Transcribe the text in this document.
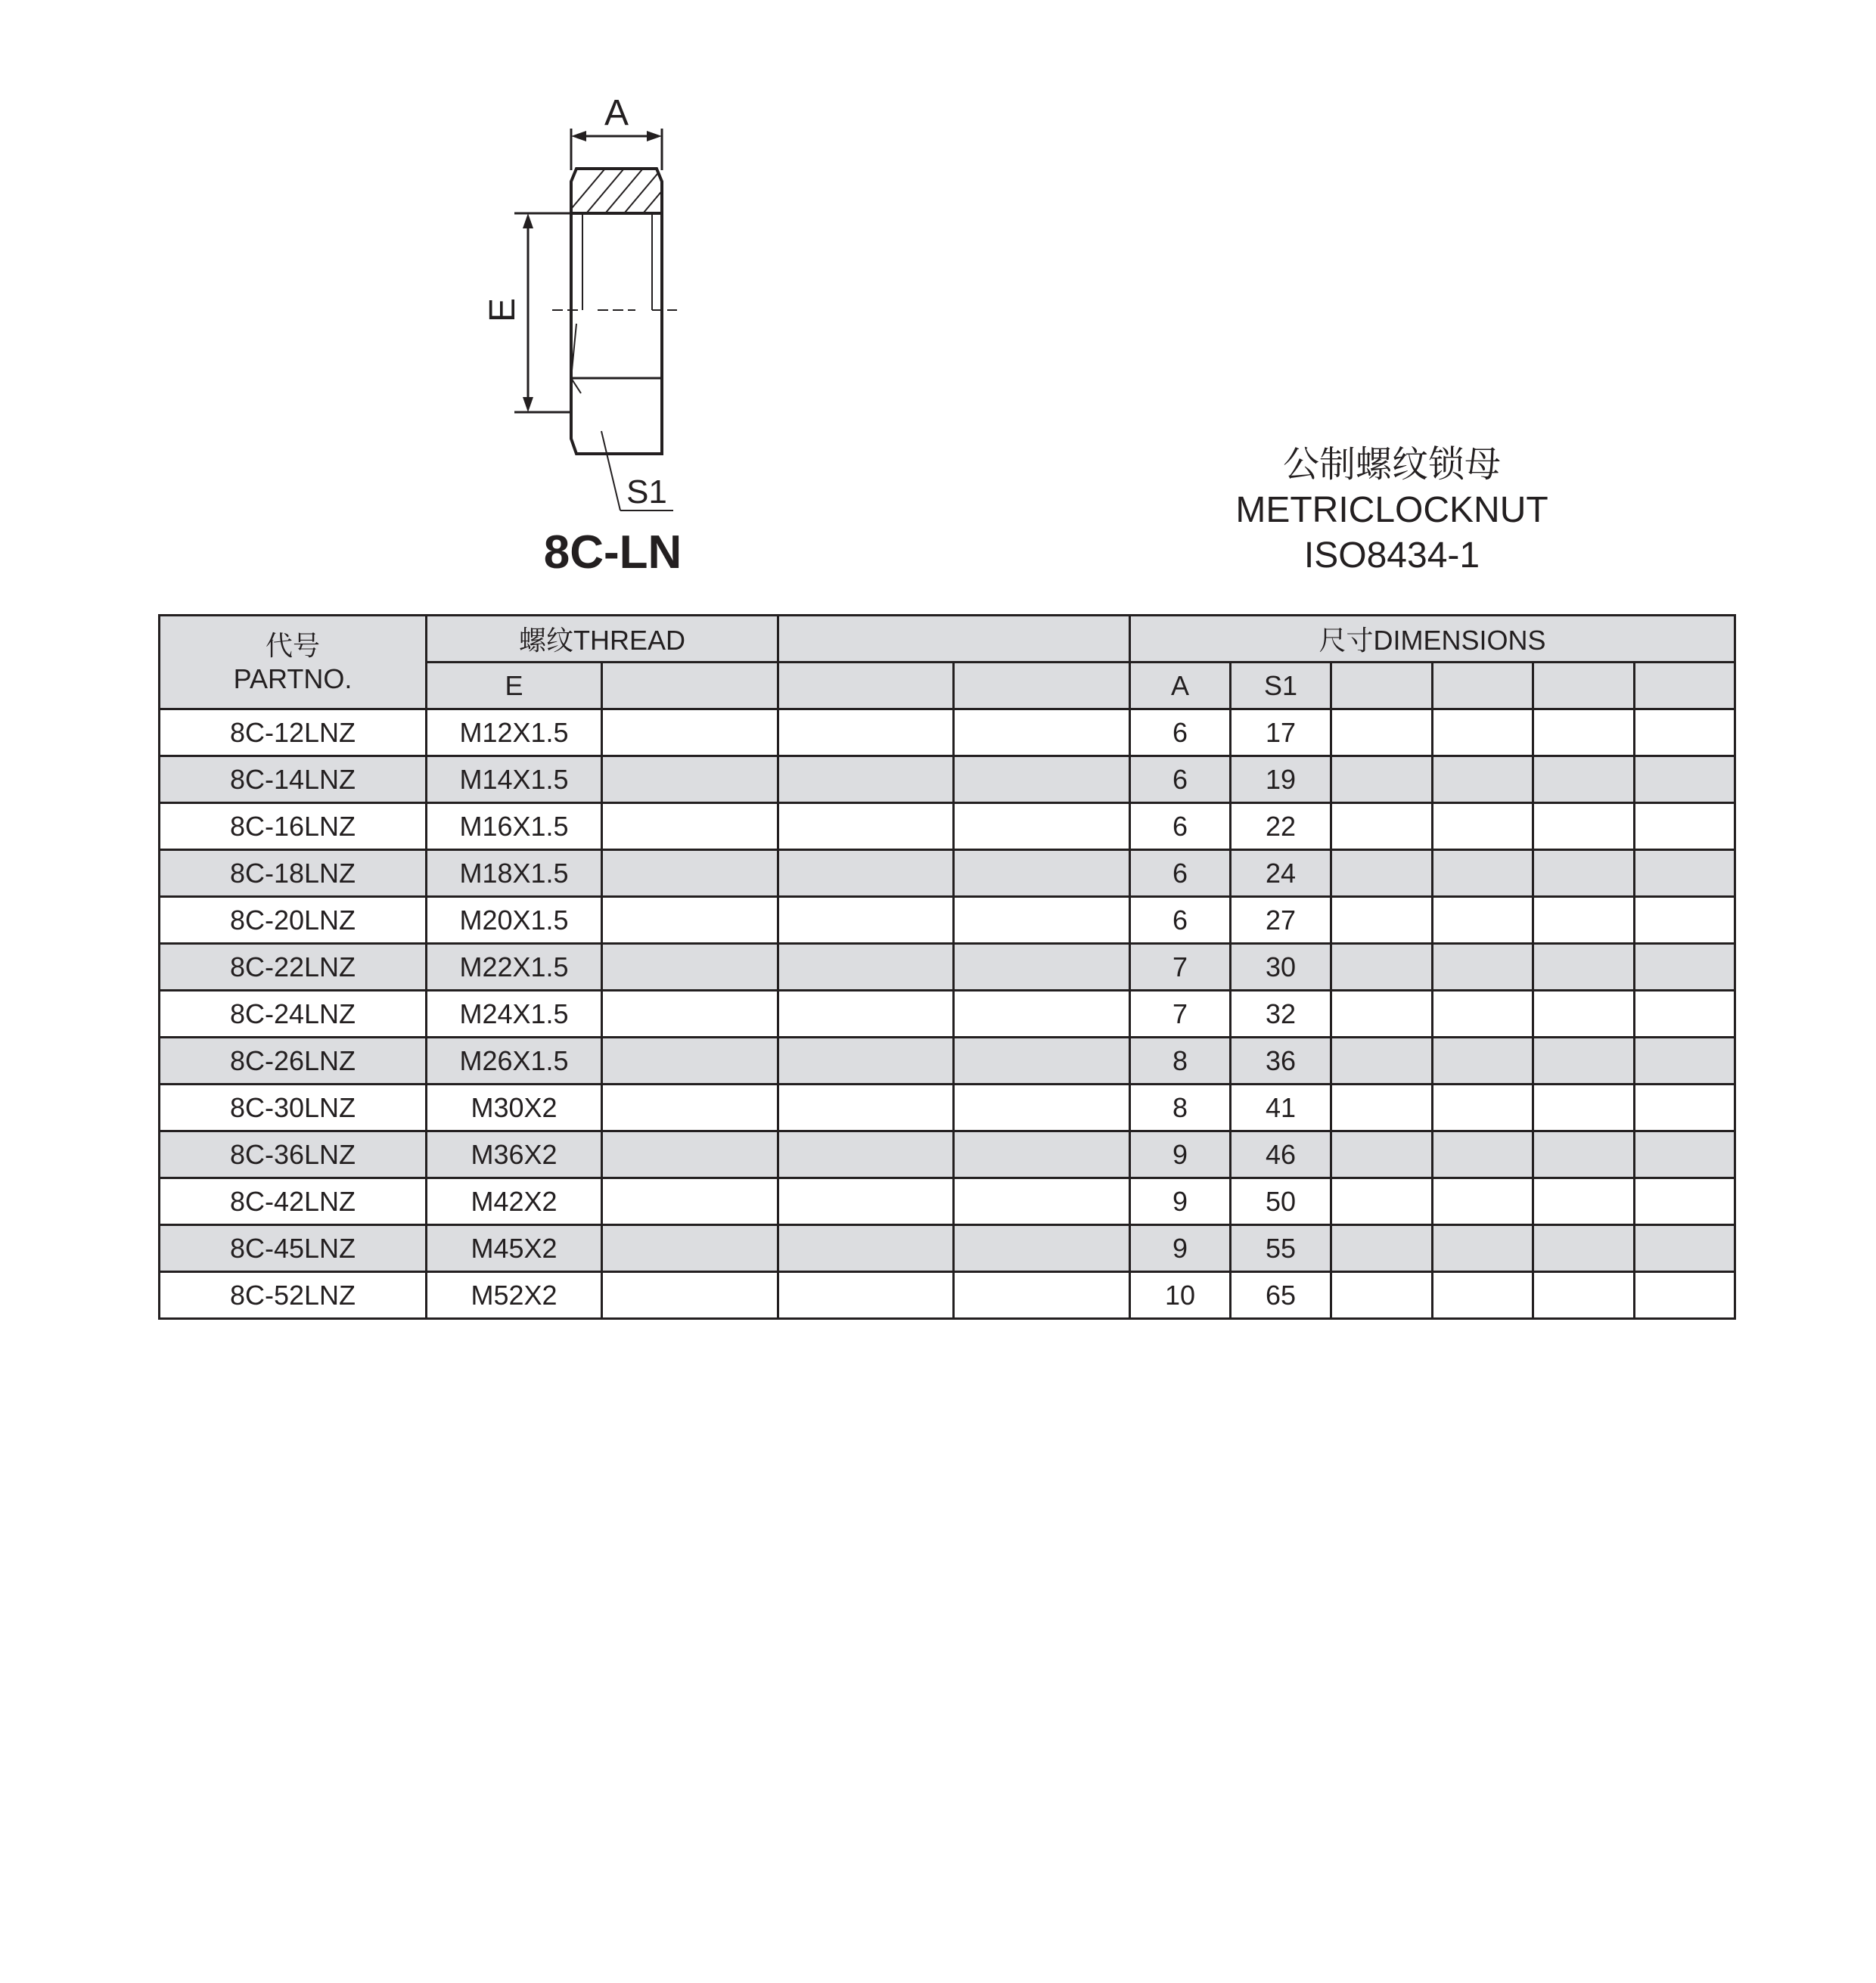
A
E
S1
8C-LN
公制螺纹锁母
METRICLOCKNUT
ISO8434-1
代号
PARTNO.	螺纹THREAD				尺寸DIMENSIONS					
	E				A	S1				
8C-12LNZ	M12X1.5				6	17				
8C-14LNZ	M14X1.5				6	19				
8C-16LNZ	M16X1.5				6	22				
8C-18LNZ	M18X1.5				6	24				
8C-20LNZ	M20X1.5				6	27				
8C-22LNZ	M22X1.5				7	30				
8C-24LNZ	M24X1.5				7	32				
8C-26LNZ	M26X1.5				8	36				
8C-30LNZ	M30X2				8	41				
8C-36LNZ	M36X2				9	46				
8C-42LNZ	M42X2				9	50				
8C-45LNZ	M45X2				9	55				
8C-52LNZ	M52X2				10	65				
